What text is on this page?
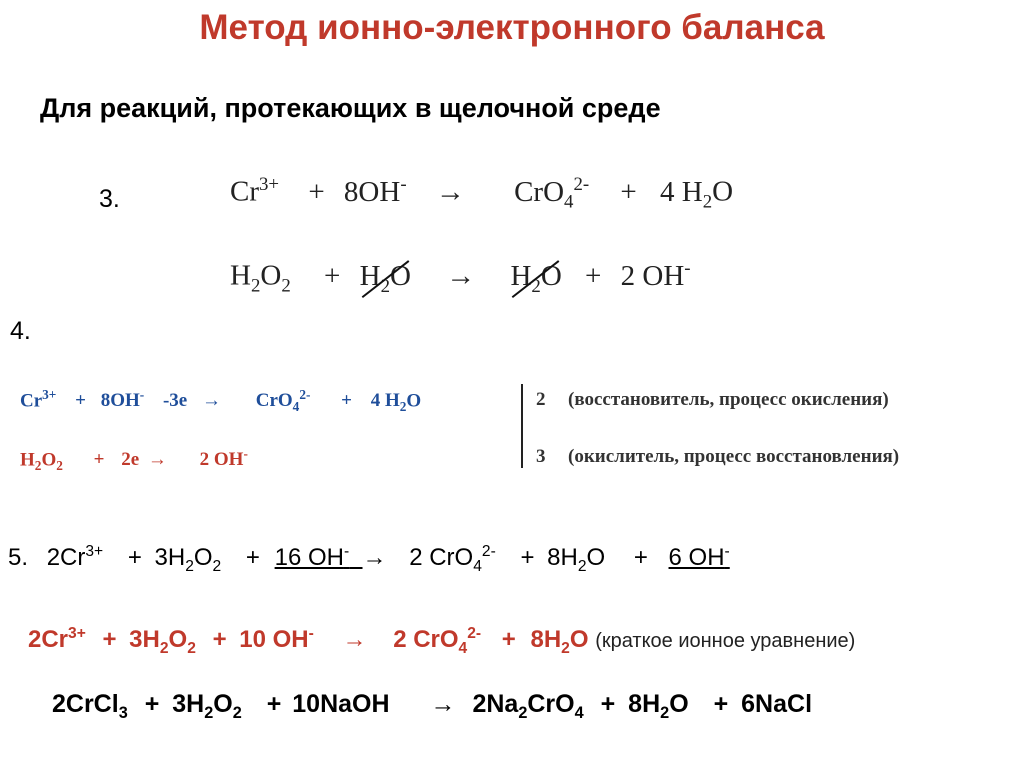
Метод ионно-электронного баланса
Для реакций, протекающих в щелочной среде
3.	$Cr^{3+} + 8OH^- \to CrO_4^{2-} + 4$ $H_2O$
$H_2O_2 + H_2O \to H_2O + 2$ OH-
4.
$Cr^{3+} + 8OH^-$ -3e → CrO$_4^{2-}$ + 4 $H_2O$	2 (восстановитель, процесс окисления)
$H_2O_2 + 2e \to 2$ OH-	3 (окислитель, процесс восстановления)
5. $2Cr^{3+} + 3H_2O_2 + 16$ OH- → 2 $CrO_4^{2-} + 8H_2O + 6$ OH-
$2Cr^{3+} + 3H_2O_2 + 10$ OH- → 2 $CrO_4^{2-} + 8H_2O$ (краткое ионное уравнение)
2CrCl$_3$ + $3H_2O_2$ + 10NaOH → $2Na_2CrO_4 + 8H_2O$ + 6NaCl
